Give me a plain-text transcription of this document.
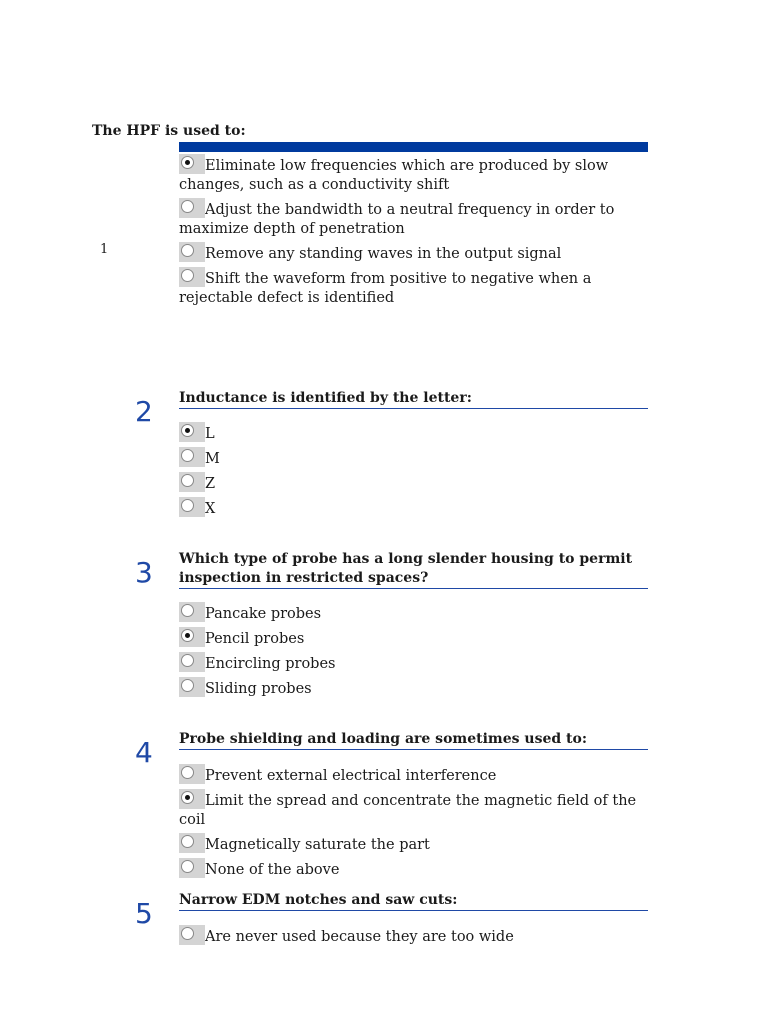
The HPF is used to:
1
Eliminate low frequencies which are produced by slow changes, such as a conductivity shift
Adjust the bandwidth to a neutral frequency in order to maximize depth of penetration
Remove any standing waves in the output signal
Shift the waveform from positive to negative when a rejectable defect is identified
2 Inductance is identified by the letter:
L
M
Z
X
3 Which type of probe has a long slender housing to permit inspection in restricted spaces?
Pancake probes
Pencil probes
Encircling probes
Sliding probes
4 Probe shielding and loading are sometimes used to:
Prevent external electrical interference
Limit the spread and concentrate the magnetic field of the coil
Magnetically saturate the part
None of the above
5 Narrow EDM notches and saw cuts:
Are never used because they are too wide
